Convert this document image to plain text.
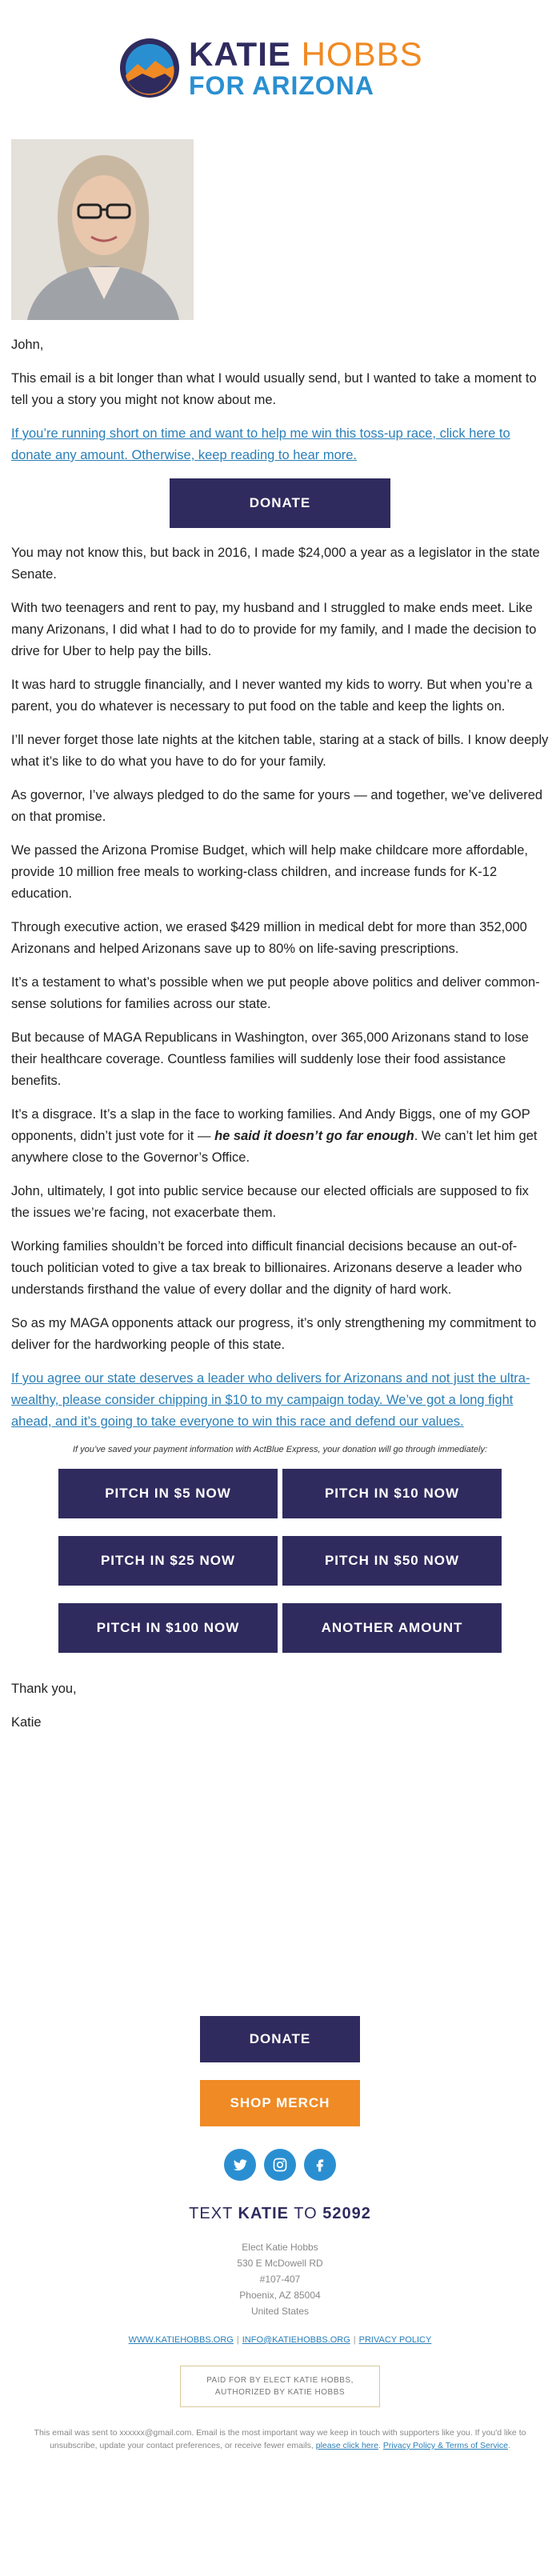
KATIE HOBBS
FOR ARIZONA

John,

This email is a bit longer than what I would usually send, but I wanted to take a moment to tell you a story you might not know about me.

If you’re running short on time and want to help me win this toss-up race, click here to donate any amount. Otherwise, keep reading to hear more.

DONATE

You may not know this, but back in 2016, I made $24,000 a year as a legislator in the state Senate.

With two teenagers and rent to pay, my husband and I struggled to make ends meet. Like many Arizonans, I did what I had to do to provide for my family, and I made the decision to drive for Uber to help pay the bills.

It was hard to struggle financially, and I never wanted my kids to worry. But when you’re a parent, you do whatever is necessary to put food on the table and keep the lights on.

I’ll never forget those late nights at the kitchen table, staring at a stack of bills. I know deeply what it’s like to do what you have to do for your family.

As governor, I’ve always pledged to do the same for yours — and together, we’ve delivered on that promise.

We passed the Arizona Promise Budget, which will help make childcare more affordable, provide 10 million free meals to working-class children, and increase funds for K-12 education.

Through executive action, we erased $429 million in medical debt for more than 352,000 Arizonans and helped Arizonans save up to 80% on life-saving prescriptions.

It’s a testament to what’s possible when we put people above politics and deliver common-sense solutions for families across our state.

But because of MAGA Republicans in Washington, over 365,000 Arizonans stand to lose their healthcare coverage. Countless families will suddenly lose their food assistance benefits.

It’s a disgrace. It’s a slap in the face to working families. And Andy Biggs, one of my GOP opponents, didn’t just vote for it — he said it doesn’t go far enough. We can’t let him get anywhere close to the Governor’s Office.

John, ultimately, I got into public service because our elected officials are supposed to fix the issues we’re facing, not exacerbate them.

Working families shouldn’t be forced into difficult financial decisions because an out-of-touch politician voted to give a tax break to billionaires. Arizonans deserve a leader who understands firsthand the value of every dollar and the dignity of hard work.

So as my MAGA opponents attack our progress, it’s only strengthening my commitment to deliver for the hardworking people of this state.

If you agree our state deserves a leader who delivers for Arizonans and not just the ultra-wealthy, please consider chipping in $10 to my campaign today. We’ve got a long fight ahead, and it’s going to take everyone to win this race and defend our values.

If you’ve saved your payment information with ActBlue Express, your donation will go through immediately:
PITCH IN $5 NOW	PITCH IN $10 NOW
PITCH IN $25 NOW	PITCH IN $50 NOW
PITCH IN $100 NOW	ANOTHER AMOUNT

Thank you,

Katie

DONATE
SHOP MERCH
TEXT KATIE TO 52092
Elect Katie Hobbs
530 E McDowell RD
#107-407
Phoenix, AZ 85004
United States
WWW.KATIEHOBBS.ORG | INFO@KATIEHOBBS.ORG | PRIVACY POLICY
PAID FOR BY ELECT KATIE HOBBS,
AUTHORIZED BY KATIE HOBBS
This email was sent to xxxxxx@gmail.com. Email is the most important way we keep in touch with supporters like you. If you'd like to unsubscribe, update your contact preferences, or receive fewer emails, please click here. Privacy Policy & Terms of Service.
